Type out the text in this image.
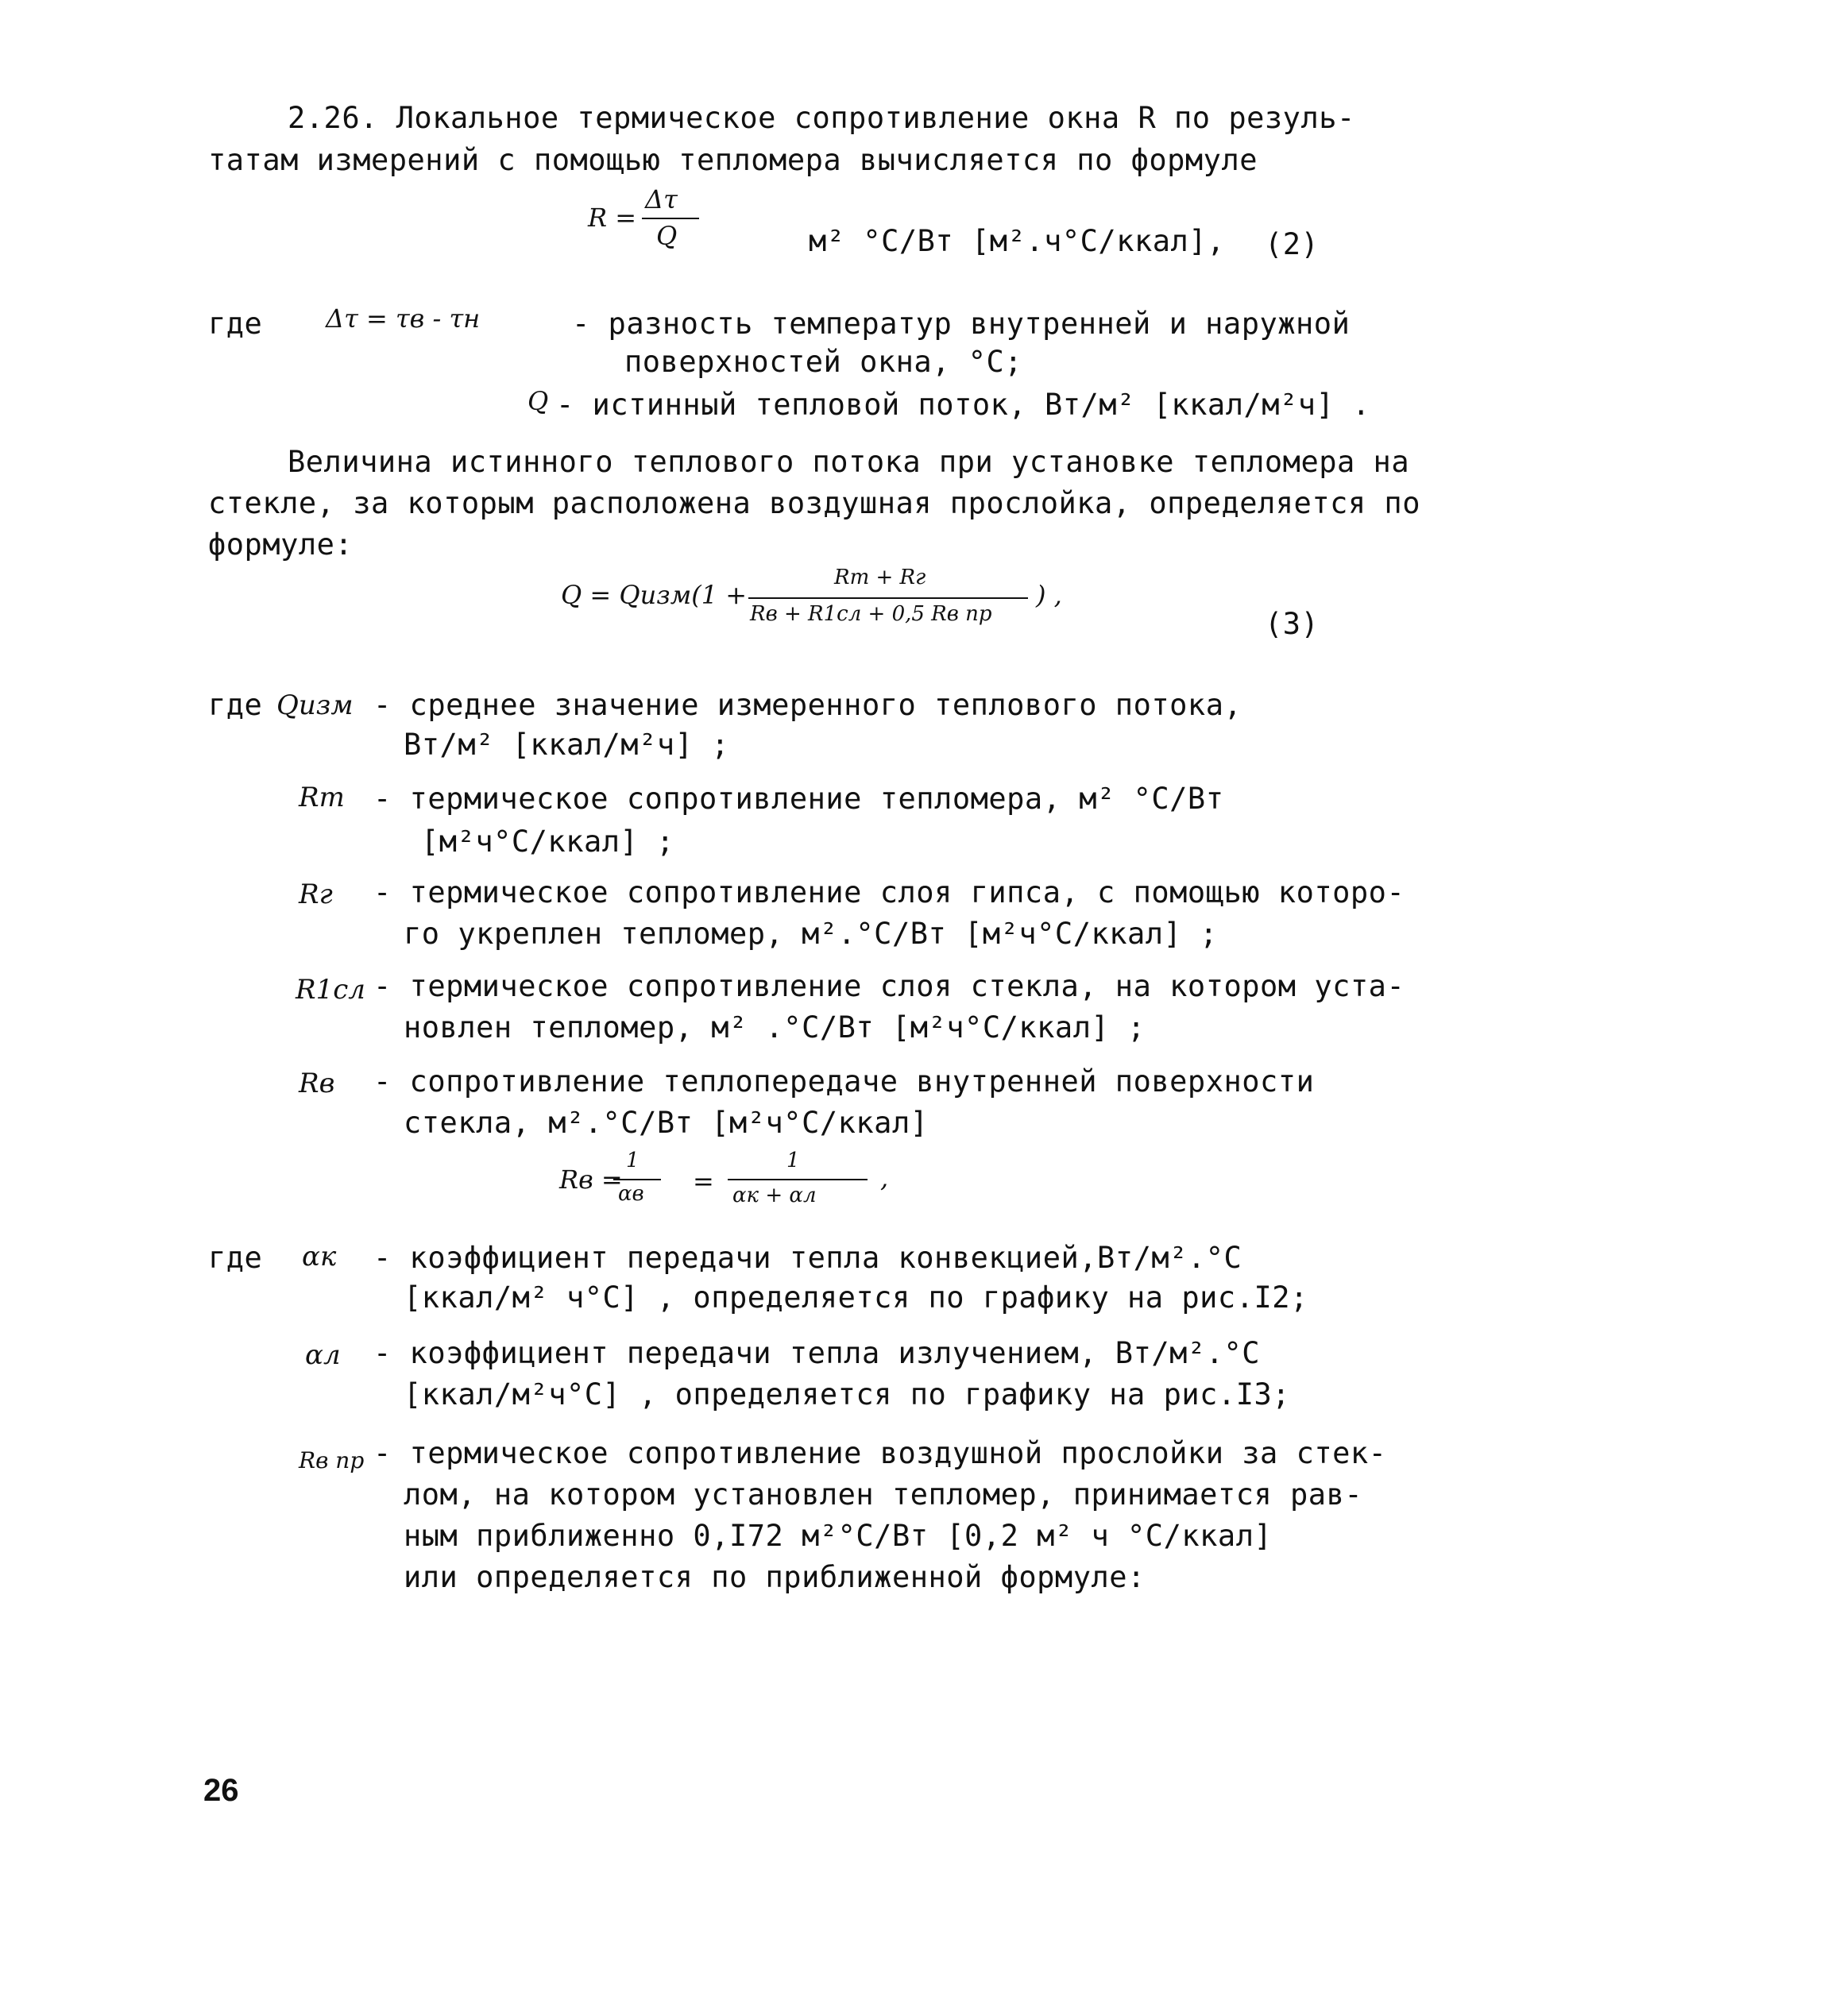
2.26. Локальное термическое сопротивление окна R по резуль-
татам измерений с помощью тепломера вычисляется по формуле
R =
Δτ
Q	м² °С/Вт [м².ч°С/ккал], (2)
где Δτ = τв - τн	- разность температур внутренней и наружной
поверхностей окна, °С;
Q - истинный тепловой поток, Вт/м² [ккал/м²ч] .
Величина истинного теплового потока при установке тепломера на
стекле, за которым расположена воздушная прослойка, определяется по
формуле:
Q = Qизм(1 +
Rт + Rг
Rв + R1сл + 0,5 Rв пр
) ,
(3)
где Qизм - среднее значение измеренного теплового потока,
Вт/м² [ккал/м²ч] ;
Rт - термическое сопротивление тепломера, м² °С/Вт
[м²ч°С/ккал] ;
Rг - термическое сопротивление слоя гипса, с помощью которо-
го укреплен тепломер, м².°С/Вт [м²ч°С/ккал] ;
R1сл - термическое сопротивление слоя стекла, на котором уста-
новлен тепломер, м² .°С/Вт [м²ч°С/ккал] ;
Rв - сопротивление теплопередаче внутренней поверхности
стекла, м².°С/Вт [м²ч°С/ккал]
Rв =
1
αв =
1
αк + αл
,
где αк - коэффициент передачи тепла конвекцией,Вт/м².°С
[ккал/м² ч°С] , определяется по графику на рис.I2;
αл - коэффициент передачи тепла излучением, Вт/м².°С
[ккал/м²ч°С] , определяется по графику на рис.I3;
Rв пр - термическое сопротивление воздушной прослойки за стек-
лом, на котором установлен тепломер, принимается рав-
ным приближенно 0,I72 м²°С/Вт [0,2 м² ч °С/ккал]
или определяется по приближенной формуле:
26
